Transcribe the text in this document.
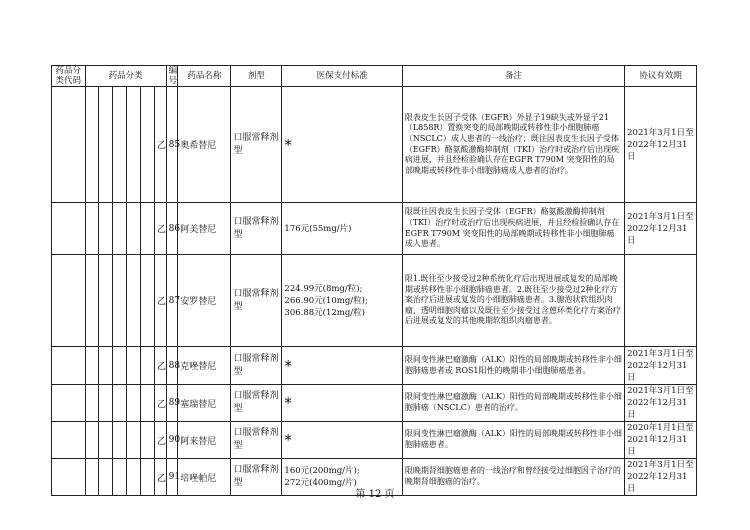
药品分类代码	药品分类						编号	药品名称	剂型	医保支付标准	备注	协议有效期
						乙	85	奥希替尼	口服常释剂型	*	限表皮生长因子受体（EGFR）外显子19缺失或外显子21（L858R）置换突变的局部晚期或转移性非小细胞肺癌（NSCLC）成人患者的一线治疗；既往因表皮生长因子受体（EGFR）酪氨酸激酶抑制剂（TKI）治疗时或治疗后出现疾病进展，并且经检验确认存在EGFR T790M 突变阳性的局部晚期或转移性非小细胞肺癌成人患者的治疗。	2021年3月1日至2022年12月31日
						乙	86	阿美替尼	口服常释剂型	176元(55mg/片)	限既往因表皮生长因子受体（EGFR）酪氨酸激酶抑制剂（TKI）治疗时或治疗后出现疾病进展，并且经检验确认存在EGFR T790M 突变阳性的局部晚期或转移性非小细胞肺癌成人患者。	2021年3月1日至2022年12月31日
						乙	87	安罗替尼	口服常释剂型	224.99元(8mg/粒);
266.90元(10mg/粒);
306.88元(12mg/粒)	限1.既往至少接受过2种系统化疗后出现进展或复发的局部晚期或转移性非小细胞肺癌患者。2.既往至少接受过2种化疗方案治疗后进展或复发的小细胞肺癌患者。3.腺泡状软组织肉瘤、透明细胞肉瘤以及既往至少接受过含蒽环类化疗方案治疗后进展或复发的其他晚期软组织肉瘤患者。	
						乙	88	克唑替尼	口服常释剂型	*	限间变性淋巴瘤激酶（ALK）阳性的局部晚期或转移性非小细胞肺癌患者或 ROS1阳性的晚期非小细胞肺癌患者。	2021年3月1日至2022年12月31日
						乙	89	塞瑞替尼	口服常释剂型	*	限间变性淋巴瘤激酶（ALK）阳性的局部晚期或转移性非小细胞肺癌（NSCLC）患者的治疗。	2021年3月1日至2022年12月31日
						乙	90	阿来替尼	口服常释剂型	*	限间变性淋巴瘤激酶（ALK）阳性的局部晚期或转移性非小细胞肺癌患者。	2020年1月1日至2021年12月31日
						乙	91	培唑帕尼	口服常释剂型	160元(200mg/片);
272元(400mg/片)	限晚期肾细胞癌患者的一线治疗和曾经接受过细胞因子治疗的晚期肾细胞癌的治疗。	2021年3月1日至2022年12月31日
第 12 页
